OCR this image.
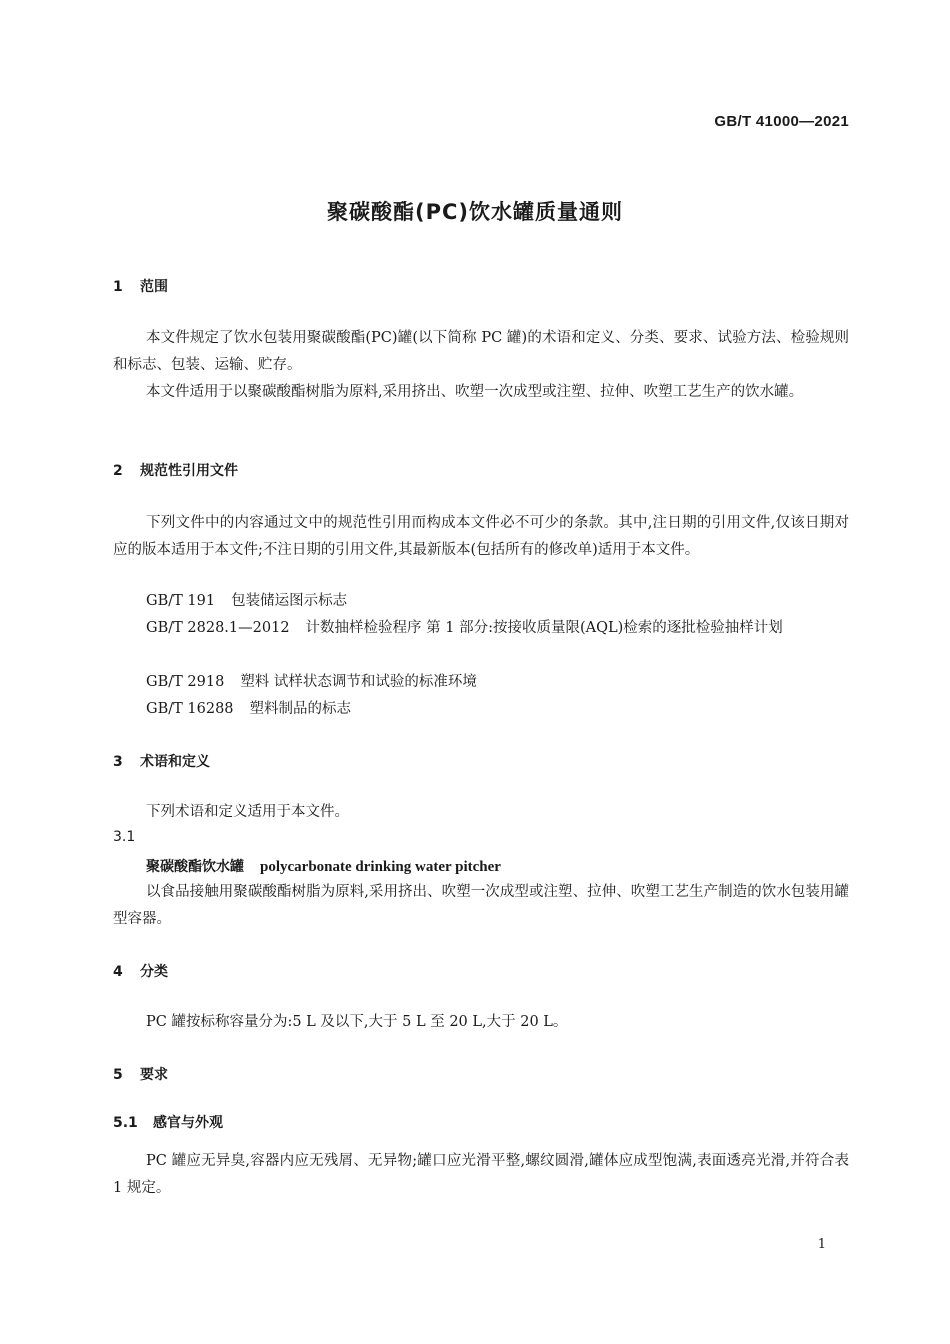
GB/T 41000—2021
聚碳酸酯(PC)饮水罐质量通则
1 范围
本文件规定了饮水包装用聚碳酸酯(PC)罐(以下简称 PC 罐)的术语和定义、分类、要求、试验方法、检验规则和标志、包装、运输、贮存。
本文件适用于以聚碳酸酯树脂为原料,采用挤出、吹塑一次成型或注塑、拉伸、吹塑工艺生产的饮水罐。
2 规范性引用文件
下列文件中的内容通过文中的规范性引用而构成本文件必不可少的条款。其中,注日期的引用文件,仅该日期对应的版本适用于本文件;不注日期的引用文件,其最新版本(包括所有的修改单)适用于本文件。
GB/T 191 包装储运图示标志
GB/T 2828.1—2012 计数抽样检验程序 第 1 部分:按接收质量限(AQL)检索的逐批检验抽样计划
GB/T 2918 塑料 试样状态调节和试验的标准环境
GB/T 16288 塑料制品的标志
3 术语和定义
下列术语和定义适用于本文件。
3.1
聚碳酸酯饮水罐 polycarbonate drinking water pitcher
以食品接触用聚碳酸酯树脂为原料,采用挤出、吹塑一次成型或注塑、拉伸、吹塑工艺生产制造的饮水包装用罐型容器。
4 分类
PC 罐按标称容量分为:5 L 及以下,大于 5 L 至 20 L,大于 20 L。
5 要求
5.1 感官与外观
PC 罐应无异臭,容器内应无残屑、无异物;罐口应光滑平整,螺纹圆滑,罐体应成型饱满,表面透亮光滑,并符合表 1 规定。
1
